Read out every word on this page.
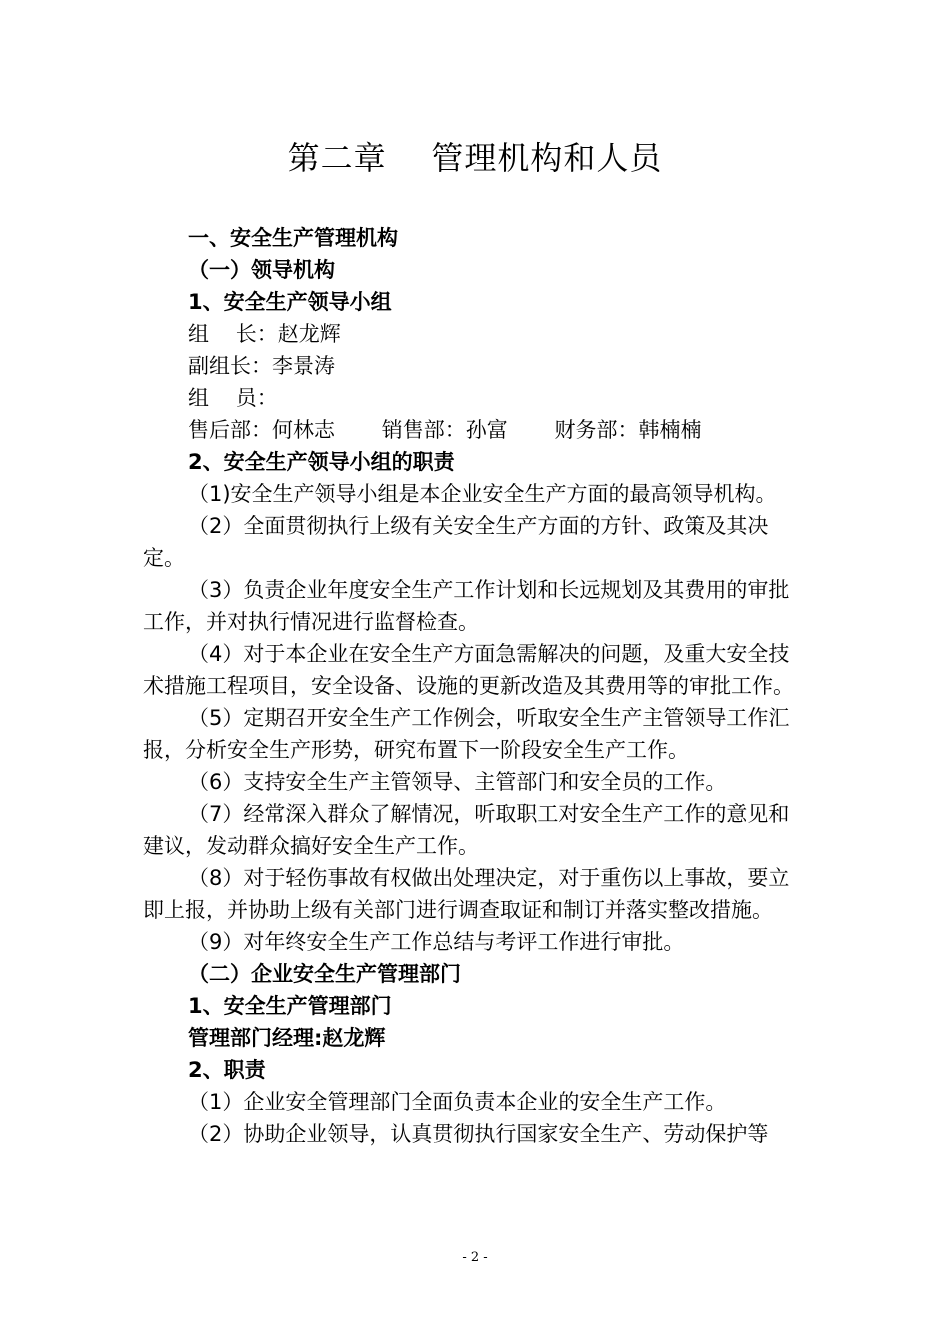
第二章    管理机构和人员

一、安全生产管理机构

（一）领导机构

1、安全生产领导小组

组    长：赵龙辉

副组长：李景涛

组    员：

售后部：何林志       销售部：孙富       财务部：韩楠楠

2、安全生产领导小组的职责

（1)安全生产领导小组是本企业安全生产方面的最高领导机构。

（2）全面贯彻执行上级有关安全生产方面的方针、政策及其决定。

（3）负责企业年度安全生产工作计划和长远规划及其费用的审批工作，并对执行情况进行监督检查。

（4）对于本企业在安全生产方面急需解决的问题，及重大安全技术措施工程项目，安全设备、设施的更新改造及其费用等的审批工作。

（5）定期召开安全生产工作例会，听取安全生产主管领导工作汇报，分析安全生产形势，研究布置下一阶段安全生产工作。

（6）支持安全生产主管领导、主管部门和安全员的工作。

（7）经常深入群众了解情况，听取职工对安全生产工作的意见和建议，发动群众搞好安全生产工作。

（8）对于轻伤事故有权做出处理决定，对于重伤以上事故，要立即上报，并协助上级有关部门进行调查取证和制订并落实整改措施。

（9）对年终安全生产工作总结与考评工作进行审批。

（二）企业安全生产管理部门

1、安全生产管理部门

管理部门经理:赵龙辉

2、职责

（1）企业安全管理部门全面负责本企业的安全生产工作。

（2）协助企业领导，认真贯彻执行国家安全生产、劳动保护等

- 2 -
